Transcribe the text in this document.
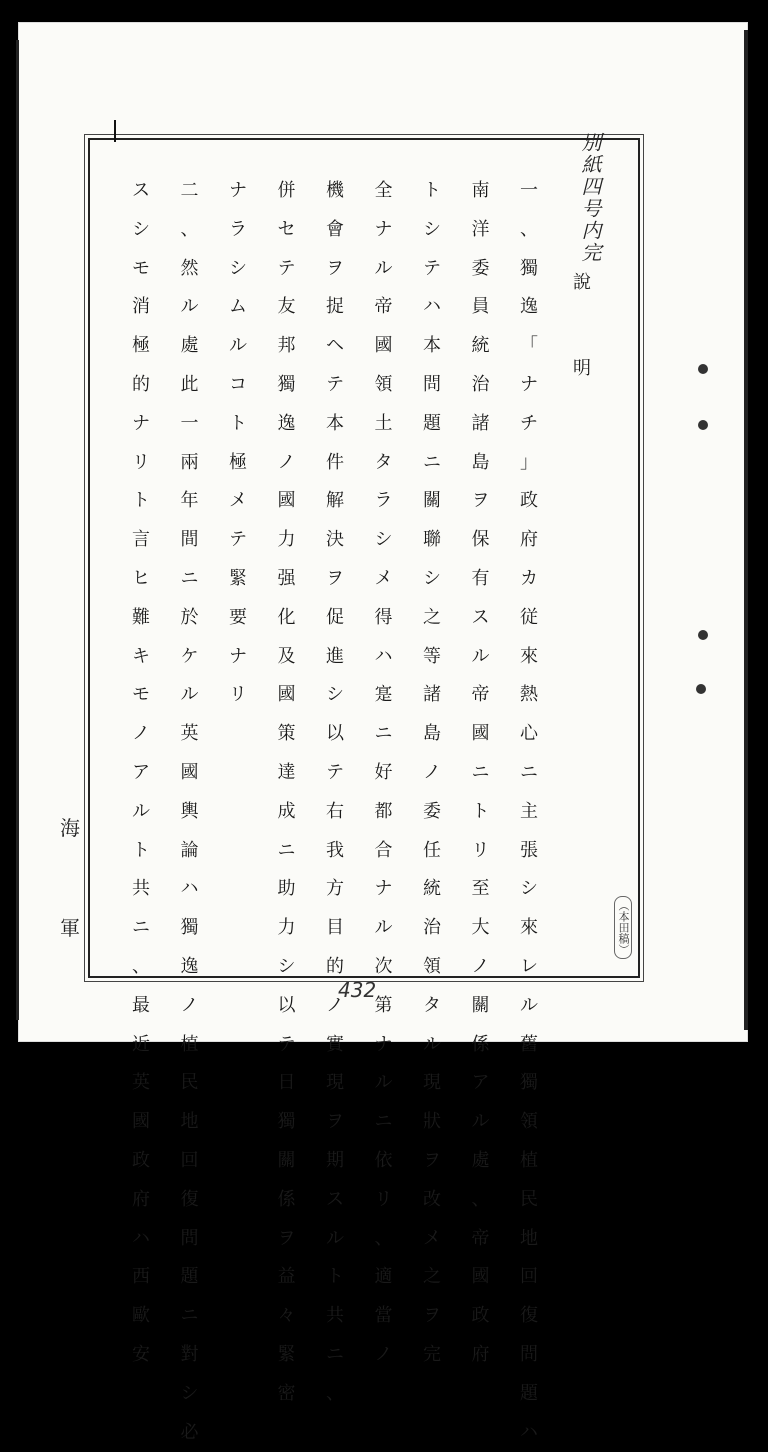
別紙四号内完
說
明
一
、
獨
逸
「
ナ
チ
」
政
府
カ
従
來
熱
心
ニ
主
張
シ
來
レ
ル
舊
獨
領
植
民
地
回
復
問
題
ハ
南
洋
委
員
統
治
諸
島
ヲ
保
有
ス
ル
帝
國
ニ
ト
リ
至
大
ノ
關
係
ア
ル
處
、
帝
國
政
府
ト
シ
テ
ハ
本
問
題
ニ
關
聯
シ
之
等
諸
島
ノ
委
任
統
治
領
タ
ル
現
狀
ヲ
改
メ
之
ヲ
完
全
ナ
ル
帝
國
領
土
タ
ラ
シ
メ
得
ハ
寔
ニ
好
都
合
ナ
ル
次
第
ナ
ル
ニ
依
リ
、
適
當
ノ
機
會
ヲ
捉
ヘ
テ
本
件
解
決
ヲ
促
進
シ
以
テ
右
我
方
目
的
ノ
實
現
ヲ
期
ス
ル
ト
共
ニ
、
併
セ
テ
友
邦
獨
逸
ノ
國
力
强
化
及
國
策
達
成
ニ
助
力
シ
以
テ
日
獨
關
係
ヲ
益
々
緊
密
ナ
ラ
シ
ム
ル
コ
ト
極
メ
テ
緊
要
ナ
リ
二
、
然
ル
處
此
一
兩
年
間
ニ
於
ケ
ル
英
國
輿
論
ハ
獨
逸
ノ
植
民
地
回
復
問
題
ニ
對
シ
必
ス
シ
モ
消
極
的
ナ
リ
ト
言
ヒ
難
キ
モ
ノ
ア
ル
ト
共
ニ
、
最
近
英
國
政
府
ハ
西
歐
安
（本田稿）
海
軍
432
